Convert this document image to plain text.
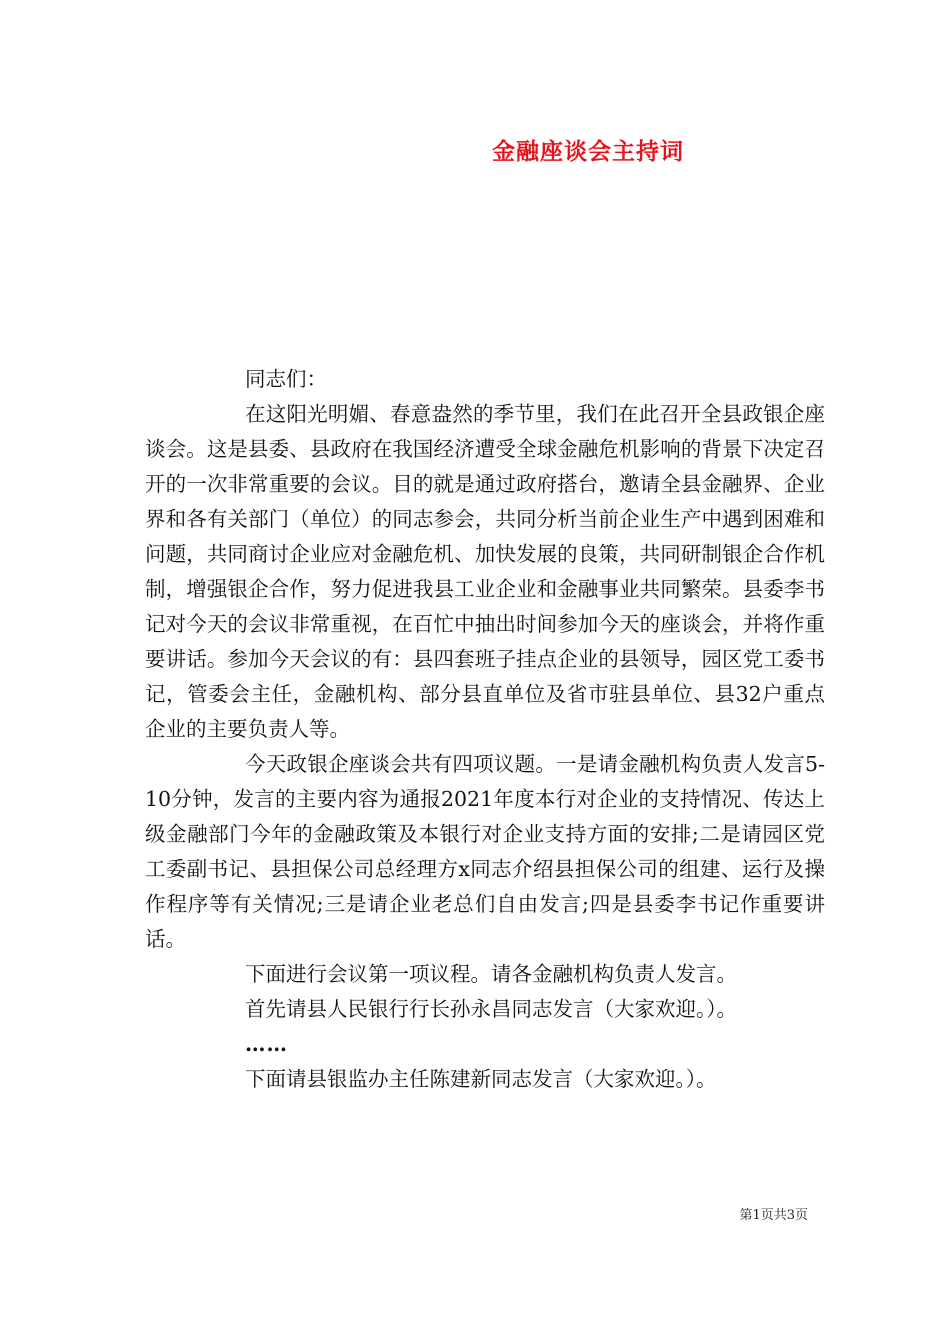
金融座谈会主持词

同志们：

在这阳光明媚、春意盎然的季节里，我们在此召开全县政银企座谈会。这是县委、县政府在我国经济遭受全球金融危机影响的背景下决定召开的一次非常重要的会议。目的就是通过政府搭台，邀请全县金融界、企业界和各有关部门（单位）的同志参会，共同分析当前企业生产中遇到困难和问题，共同商讨企业应对金融危机、加快发展的良策，共同研制银企合作机制，增强银企合作，努力促进我县工业企业和金融事业共同繁荣。县委李书记对今天的会议非常重视，在百忙中抽出时间参加今天的座谈会，并将作重要讲话。参加今天会议的有：县四套班子挂点企业的县领导，园区党工委书记，管委会主任，金融机构、部分县直单位及省市驻县单位、县32户重点企业的主要负责人等。

今天政银企座谈会共有四项议题。一是请金融机构负责人发言5-10分钟，发言的主要内容为通报2021年度本行对企业的支持情况、传达上级金融部门今年的金融政策及本银行对企业支持方面的安排;二是请园区党工委副书记、县担保公司总经理方x同志介绍县担保公司的组建、运行及操作程序等有关情况;三是请企业老总们自由发言;四是县委李书记作重要讲话。

下面进行会议第一项议程。请各金融机构负责人发言。

首先请县人民银行行长孙永昌同志发言（大家欢迎。）。

……

下面请县银监办主任陈建新同志发言（大家欢迎。）。

第1页共3页
